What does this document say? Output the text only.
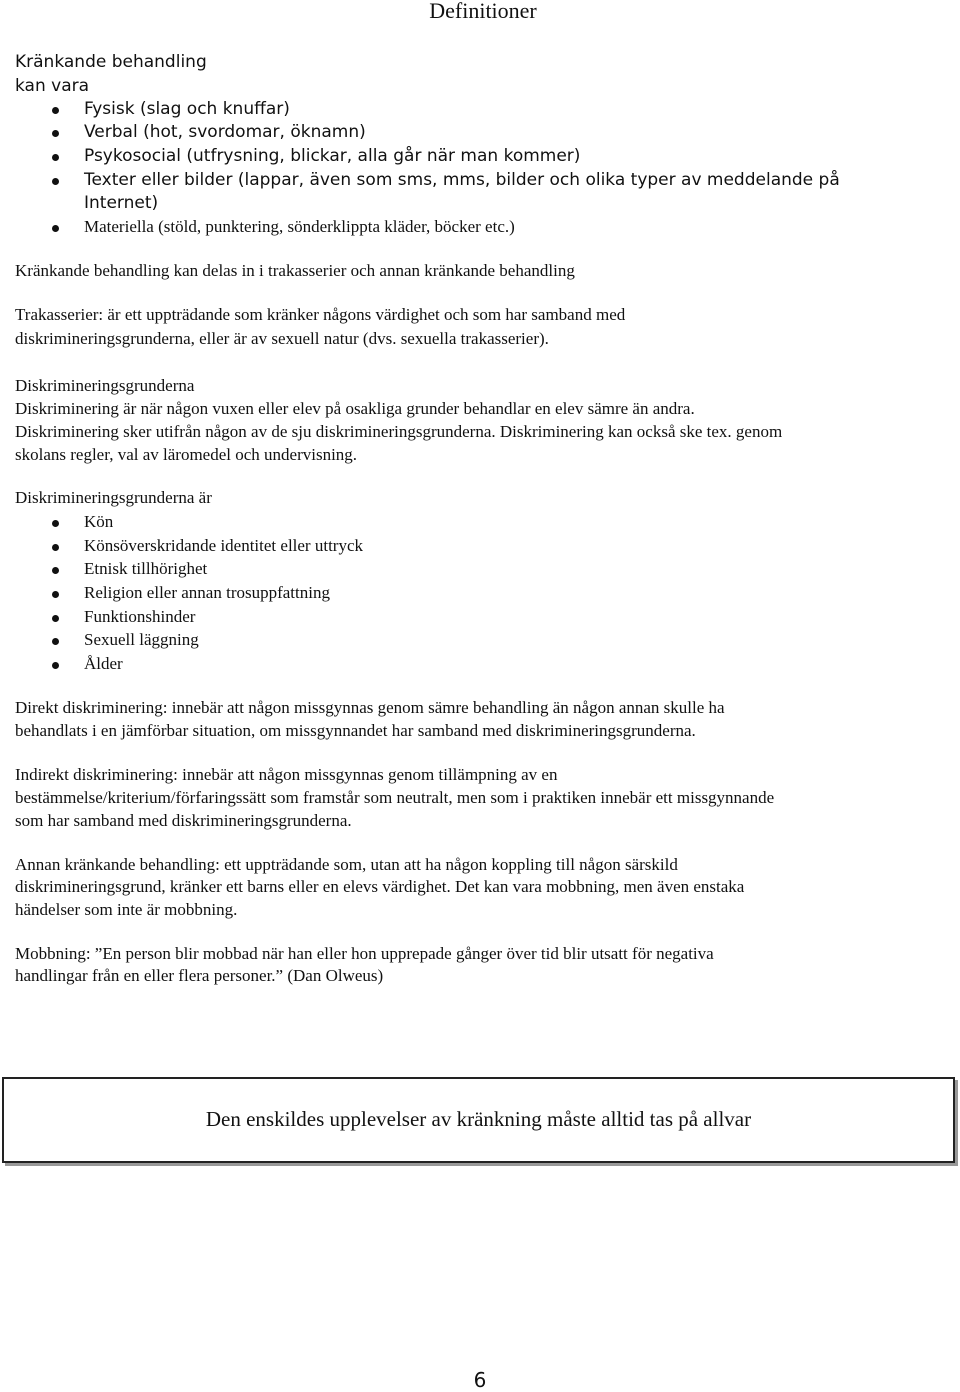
Definitioner
Kränkande behandling
kan vara
Fysisk (slag och knuffar)
Verbal (hot, svordomar, öknamn)
Psykosocial (utfrysning, blickar, alla går när man kommer)
Texter eller bilder (lappar, även som sms, mms, bilder och olika typer av meddelande på
Internet)
Materiella (stöld, punktering, sönderklippta kläder, böcker etc.)
Kränkande behandling kan delas in i trakasserier och annan kränkande behandling
Trakasserier: är ett uppträdande som kränker någons värdighet och som har samband med
diskrimineringsgrunderna, eller är av sexuell natur (dvs. sexuella trakasserier).
Diskrimineringsgrunderna
Diskriminering är när någon vuxen eller elev på osakliga grunder behandlar en elev sämre än andra.
Diskriminering sker utifrån någon av de sju diskrimineringsgrunderna. Diskriminering kan också ske tex. genom
skolans regler, val av läromedel och undervisning.
Diskrimineringsgrunderna är
Kön
Könsöverskridande identitet eller uttryck
Etnisk tillhörighet
Religion eller annan trosuppfattning
Funktionshinder
Sexuell läggning
Ålder
Direkt diskriminering: innebär att någon missgynnas genom sämre behandling än någon annan skulle ha
behandlats i en jämförbar situation, om missgynnandet har samband med diskrimineringsgrunderna.
Indirekt diskriminering: innebär att någon missgynnas genom tillämpning av en
bestämmelse/kriterium/förfaringssätt som framstår som neutralt, men som i praktiken innebär ett missgynnande
som har samband med diskrimineringsgrunderna.
Annan kränkande behandling: ett uppträdande som, utan att ha någon koppling till någon särskild
diskrimineringsgrund, kränker ett barns eller en elevs värdighet. Det kan vara mobbning, men även enstaka
händelser som inte är mobbning.
Mobbning: ”En person blir mobbad när han eller hon upprepade gånger över tid blir utsatt för negativa
handlingar från en eller flera personer.” (Dan Olweus)
Den enskildes upplevelser av kränkning måste alltid tas på allvar
6
